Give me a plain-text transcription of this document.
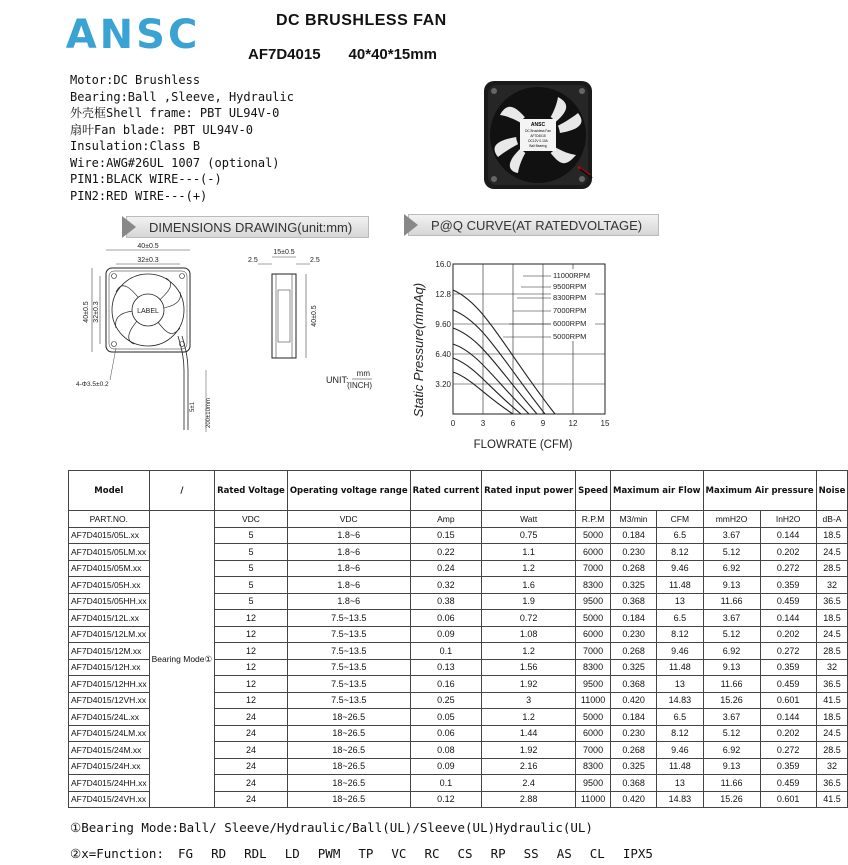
ANSC	DC BRUSHLESS FAN
AF7D4015 40*40*15mm
Motor:DC Brushless
Bearing:Ball ,Sleeve, Hydraulic
外壳框Shell frame: PBT UL94V-0
扇叶Fan blade: PBT UL94V-0
Insulation:Class B
Wire:AWG#26UL 1007 (optional)
PIN1:BLACK WIRE---(-)
PIN2:RED WIRE---(+)
ANSC
DC Brushless Fan
AF7D4015
DC12V 0.10A
Ball Bearing
DIMENSIONS DRAWING(unit:mm)	P@Q CURVE(AT RATEDVOLTAGE)
40±0.5
32±0.3
LABEL
40±0.5 32±0.3
4-Φ3.5±0.2
5±1 200±10mm
15±0.5
2.5	2.5
40±0.5
UNIT:
mm
(INCH)	Static Pressure(mmAq)
16.0
12.8
9.60
6.40
3.20
0	3	6	9	12	15
FLOWRATE (CFM)
11000RPM
9500RPM
8300RPM
7000RPM
6000RPM
5000RPM
Model	/	Rated Voltage	Operating voltage range	Rated current	Rated input power	Speed	Maximum air Flow		Maximum Air pressure		Noise
PART.NO.	Bearing Mode①	VDC	VDC	Amp	Watt	R.P.M	M3/min	CFM	mmH2O	InH2O	dB-A
AF7D4015/05L.xx		5	1.8~6	0.15	0.75	5000	0.184	6.5	3.67	0.144	18.5
AF7D4015/05LM.xx		5	1.8~6	0.22	1.1	6000	0.230	8.12	5.12	0.202	24.5
AF7D4015/05M.xx		5	1.8~6	0.24	1.2	7000	0.268	9.46	6.92	0.272	28.5
AF7D4015/05H.xx		5	1.8~6	0.32	1.6	8300	0.325	11.48	9.13	0.359	32
AF7D4015/05HH.xx		5	1.8~6	0.38	1.9	9500	0.368	13	11.66	0.459	36.5
AF7D4015/12L.xx		12	7.5~13.5	0.06	0.72	5000	0.184	6.5	3.67	0.144	18.5
AF7D4015/12LM.xx		12	7.5~13.5	0.09	1.08	6000	0.230	8.12	5.12	0.202	24.5
AF7D4015/12M.xx		12	7.5~13.5	0.1	1.2	7000	0.268	9.46	6.92	0.272	28.5
AF7D4015/12H.xx		12	7.5~13.5	0.13	1.56	8300	0.325	11.48	9.13	0.359	32
AF7D4015/12HH.xx		12	7.5~13.5	0.16	1.92	9500	0.368	13	11.66	0.459	36.5
AF7D4015/12VH.xx		12	7.5~13.5	0.25	3	11000	0.420	14.83	15.26	0.601	41.5
AF7D4015/24L.xx		24	18~26.5	0.05	1.2	5000	0.184	6.5	3.67	0.144	18.5
AF7D4015/24LM.xx		24	18~26.5	0.06	1.44	6000	0.230	8.12	5.12	0.202	24.5
AF7D4015/24M.xx		24	18~26.5	0.08	1.92	7000	0.268	9.46	6.92	0.272	28.5
AF7D4015/24H.xx		24	18~26.5	0.09	2.16	8300	0.325	11.48	9.13	0.359	32
AF7D4015/24HH.xx		24	18~26.5	0.1	2.4	9500	0.368	13	11.66	0.459	36.5
AF7D4015/24VH.xx		24	18~26.5	0.12	2.88	11000	0.420	14.83	15.26	0.601	41.5
①Bearing Mode:Ball/ Sleeve/Hydraulic/Ball(UL)/Sleeve(UL)Hydraulic(UL)
②x=Function: FG RD RDL LD PWM TP VC RC CS RP SS AS CL IPX5
